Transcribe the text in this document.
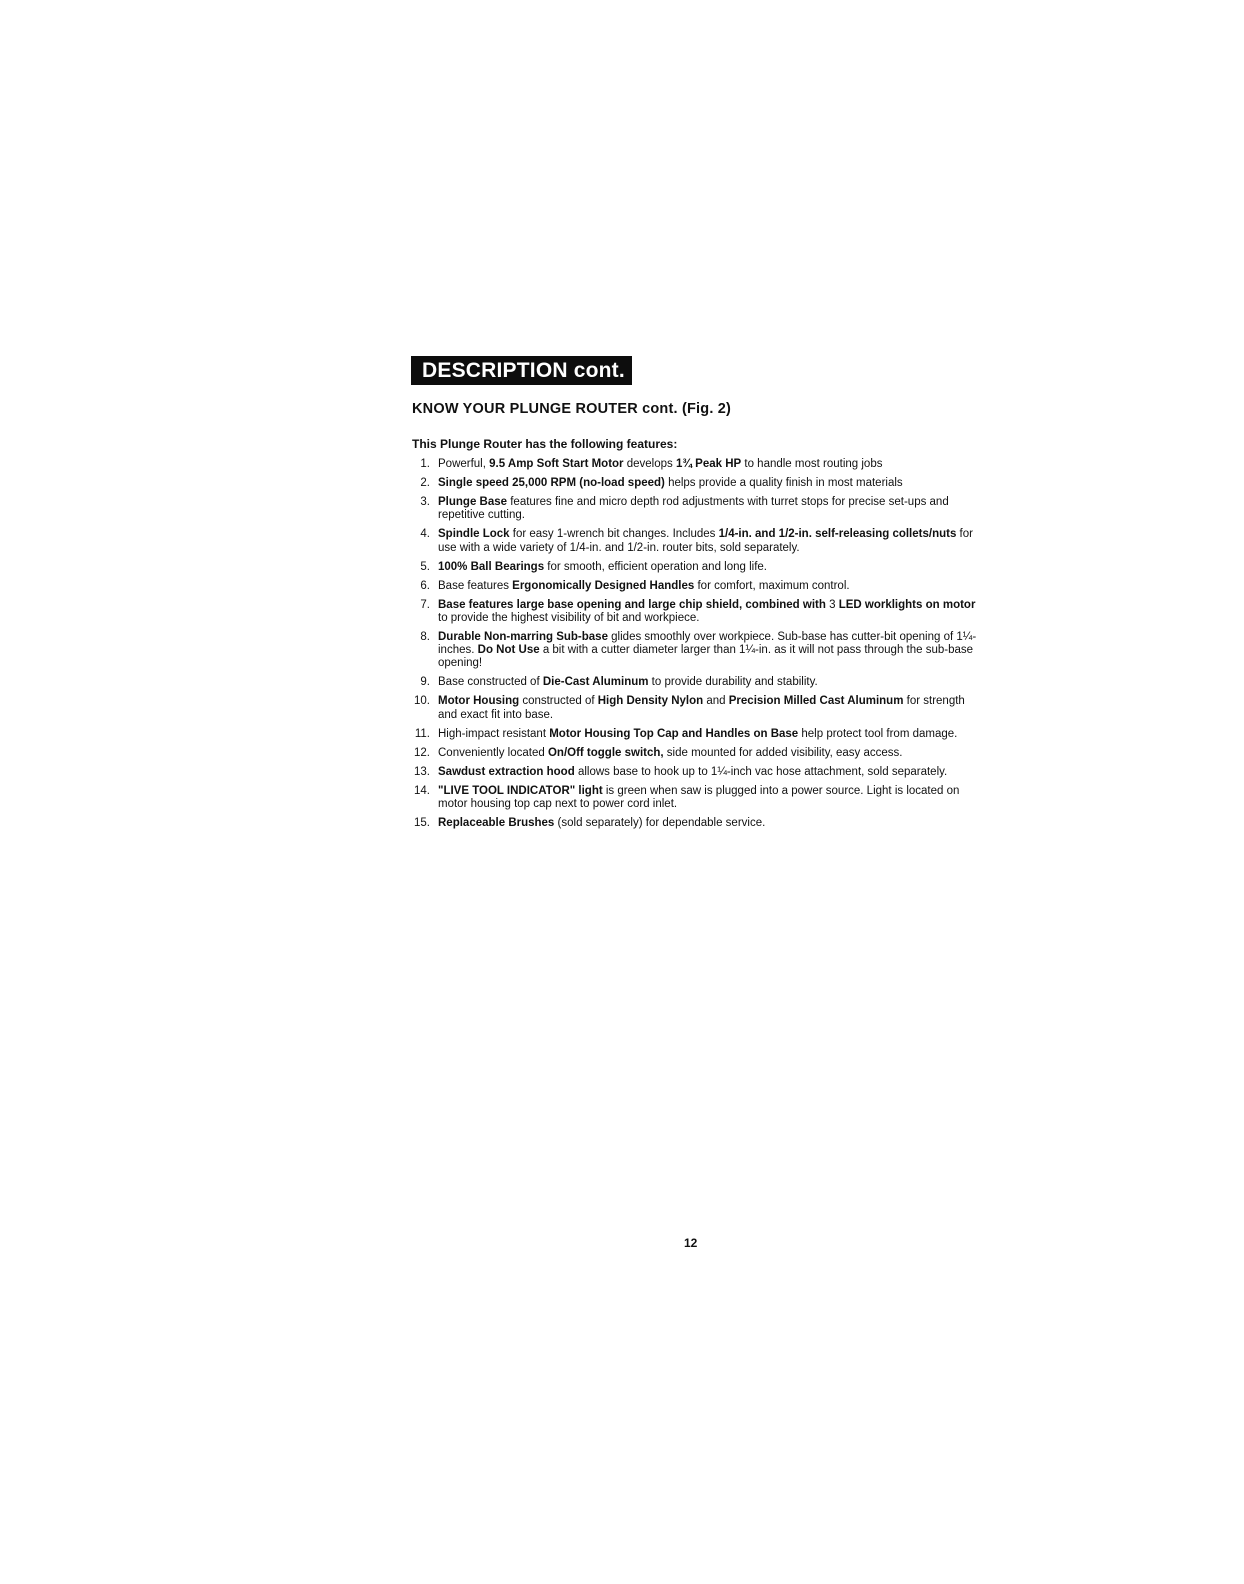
DESCRIPTION cont.
KNOW YOUR PLUNGE ROUTER cont. (Fig. 2)
This Plunge Router has the following features:
1. Powerful, 9.5 Amp Soft Start Motor develops 1¾ Peak HP to handle most routing jobs
2. Single speed 25,000 RPM (no-load speed) helps provide a quality finish in most materials
3. Plunge Base features fine and micro depth rod adjustments with turret stops for precise set-ups and repetitive cutting.
4. Spindle Lock for easy 1-wrench bit changes. Includes 1/4-in. and 1/2-in. self-releasing collets/nuts for use with a wide variety of 1/4-in. and 1/2-in. router bits, sold separately.
5. 100% Ball Bearings for smooth, efficient operation and long life.
6. Base features Ergonomically Designed Handles for comfort, maximum control.
7. Base features large base opening and large chip shield, combined with 3 LED worklights on motor to provide the highest visibility of bit and workpiece.
8. Durable Non-marring Sub-base glides smoothly over workpiece. Sub-base has cutter-bit opening of 1¼-inches. Do Not Use a bit with a cutter diameter larger than 1¼-in. as it will not pass through the sub-base opening!
9. Base constructed of Die-Cast Aluminum to provide durability and stability.
10. Motor Housing constructed of High Density Nylon and Precision Milled Cast Aluminum for strength and exact fit into base.
11. High-impact resistant Motor Housing Top Cap and Handles on Base help protect tool from damage.
12. Conveniently located On/Off toggle switch, side mounted for added visibility, easy access.
13. Sawdust extraction hood allows base to hook up to 1¼-inch vac hose attachment, sold separately.
14. "LIVE TOOL INDICATOR" light is green when saw is plugged into a power source. Light is located on motor housing top cap next to power cord inlet.
15. Replaceable Brushes (sold separately) for dependable service.
12
